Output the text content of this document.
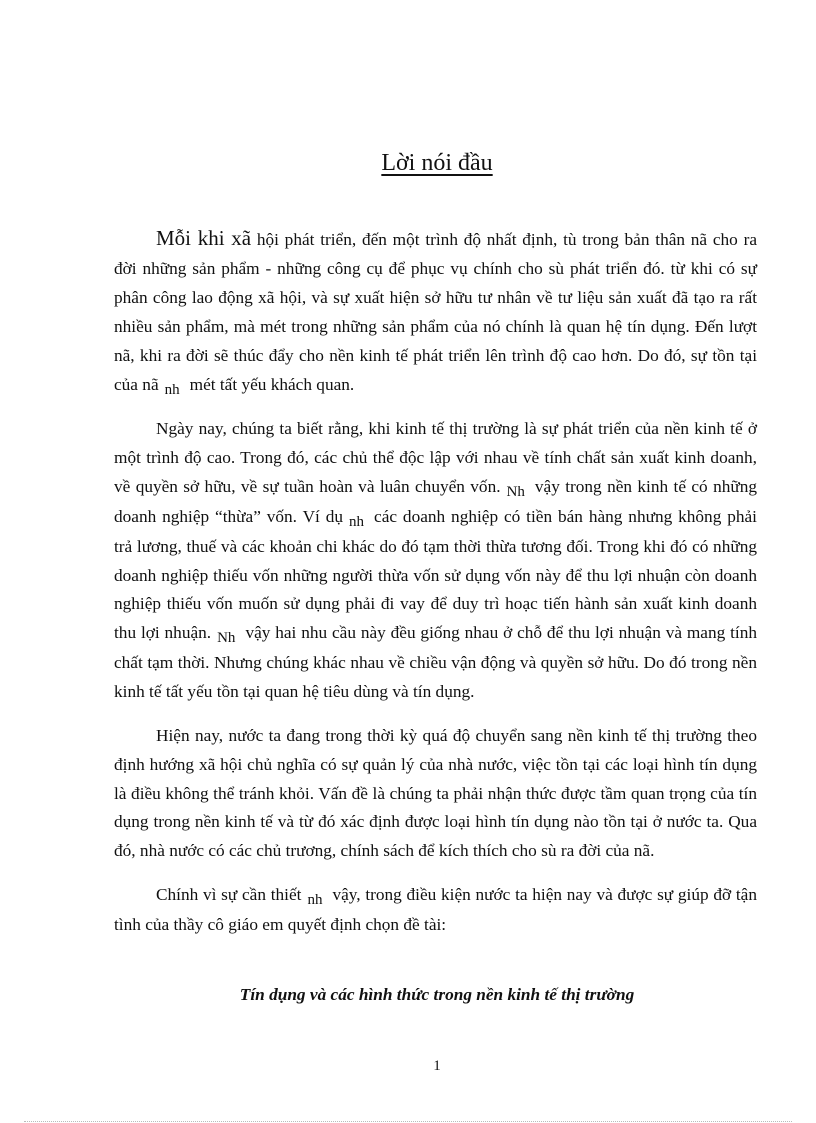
Lời nói đầu

Mỗi khi xã hội phát triển, đến một trình độ nhất định, tù trong bản thân nã cho ra đời những sản phẩm - những công cụ để phục vụ chính cho sù phát triển đó. từ khi có sự phân công lao động xã hội, và sự xuất hiện sở hữu tư nhân về tư liệu sản xuất đã tạo ra rất nhiều sản phẩm, mà mét trong những sản phẩm của nó chính là quan hệ tín dụng. Đến lượt nã, khi ra đời sẽ thúc đẩy cho nền kinh tế phát triển lên trình độ cao hơn. Do đó, sự tồn tại của nã nh mét tất yếu khách quan.

Ngày nay, chúng ta biết rằng, khi kinh tế thị trường là sự phát triển của nền kinh tế ở một trình độ cao. Trong đó, các chủ thể độc lập với nhau về tính chất sản xuất kinh doanh, về quyền sở hữu, về sự tuần hoàn và luân chuyển vốn. Nh vậy trong nền kinh tế có những doanh nghiệp “thừa” vốn. Ví dụ nh các doanh nghiệp có tiền bán hàng nhưng không phải trả lương, thuế và các khoản chi khác do đó tạm thời thừa tương đối. Trong khi đó có những doanh nghiệp thiếu vốn những người thừa vốn sử dụng vốn này để thu lợi nhuận còn doanh nghiệp thiếu vốn muốn sử dụng phải đi vay để duy trì hoạc tiến hành sản xuất kinh doanh thu lợi nhuận. Nh vậy hai nhu cầu này đều giống nhau ở chỗ để thu lợi nhuận và mang tính chất tạm thời. Nhưng chúng khác nhau về chiều vận động và quyền sở hữu. Do đó trong nền kinh tế tất yếu tồn tại quan hệ tiêu dùng và tín dụng.

Hiện nay, nước ta đang trong thời kỳ quá độ chuyển sang nền kinh tế thị trường theo định hướng xã hội chủ nghĩa có sự quản lý của nhà nước, việc tồn tại các loại hình tín dụng là điều không thể tránh khỏi. Vấn đề là chúng ta phải nhận thức được tầm quan trọng của tín dụng trong nền kinh tế và từ đó xác định được loại hình tín dụng nào tồn tại ở nước ta. Qua đó, nhà nước có các chủ trương, chính sách để kích thích cho sù ra đời của nã.

Chính vì sự cần thiết nh vậy, trong điều kiện nước ta hiện nay và được sự giúp đỡ tận tình của thầy cô giáo em quyết định chọn đề tài:

Tín dụng và các hình thức trong nền kinh tế thị trường
1
